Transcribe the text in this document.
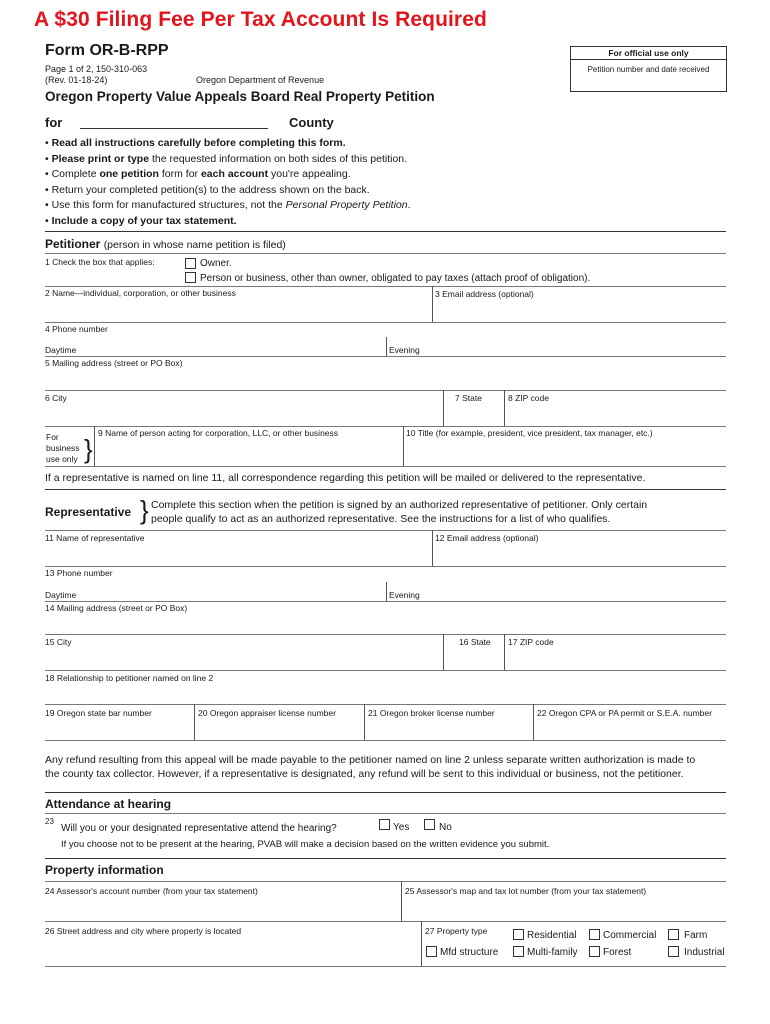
A $30 Filing Fee Per Tax Account Is Required
Form OR-B-RPP
Page 1 of 2, 150-310-063
(Rev. 01-18-24)	Oregon Department of Revenue
For official use only
Petition number and date received
Oregon Property Value Appeals Board Real Property Petition
for	County
• Read all instructions carefully before completing this form.
• Please print or type the requested information on both sides of this petition.
• Complete one petition form for each account you're appealing.
• Return your completed petition(s) to the address shown on the back.
• Use this form for manufactured structures, not the Personal Property Petition.
• Include a copy of your tax statement.
Petitioner (person in whose name petition is filed)
1 Check the box that applies:	Owner.
Person or business, other than owner, obligated to pay taxes (attach proof of obligation).
2 Name—individual, corporation, or other business	3 Email address (optional)
4 Phone number
Daytime	Evening
5 Mailing address (street or PO Box)
6 City	7 State	8 ZIP code
For
business
use only }
9 Name of person acting for corporation, LLC, or other business	10 Title (for example, president, vice president, tax manager, etc.)
If a representative is named on line 11, all correspondence regarding this petition will be mailed or delivered to the representative.
Representative } Complete this section when the petition is signed by an authorized representative of petitioner. Only certain
people qualify to act as an authorized representative. See the instructions for a list of who qualifies.
11 Name of representative	12 Email address (optional)
13 Phone number
Daytime	Evening
14 Mailing address (street or PO Box)
15 City	16 State 17 ZIP code
18 Relationship to petitioner named on line 2
19 Oregon state bar number	20 Oregon appraiser license number	21 Oregon broker license number	22 Oregon CPA or PA permit or S.E.A. number
Any refund resulting from this appeal will be made payable to the petitioner named on line 2 unless separate written authorization is made to
the county tax collector. However, if a representative is designated, any refund will be sent to this individual or business, not the petitioner.
Attendance at hearing
23
Will you or your designated representative attend the hearing?	Yes	No
If you choose not to be present at the hearing, PVAB will make a decision based on the written evidence you submit.
Property information
24 Assessor's account number (from your tax statement)	25 Assessor's map and tax lot number (from your tax statement)
26 Street address and city where property is located	27 Property type	Residential	Commercial	Farm
Mfd structure	Multi-family	Forest	Industrial
